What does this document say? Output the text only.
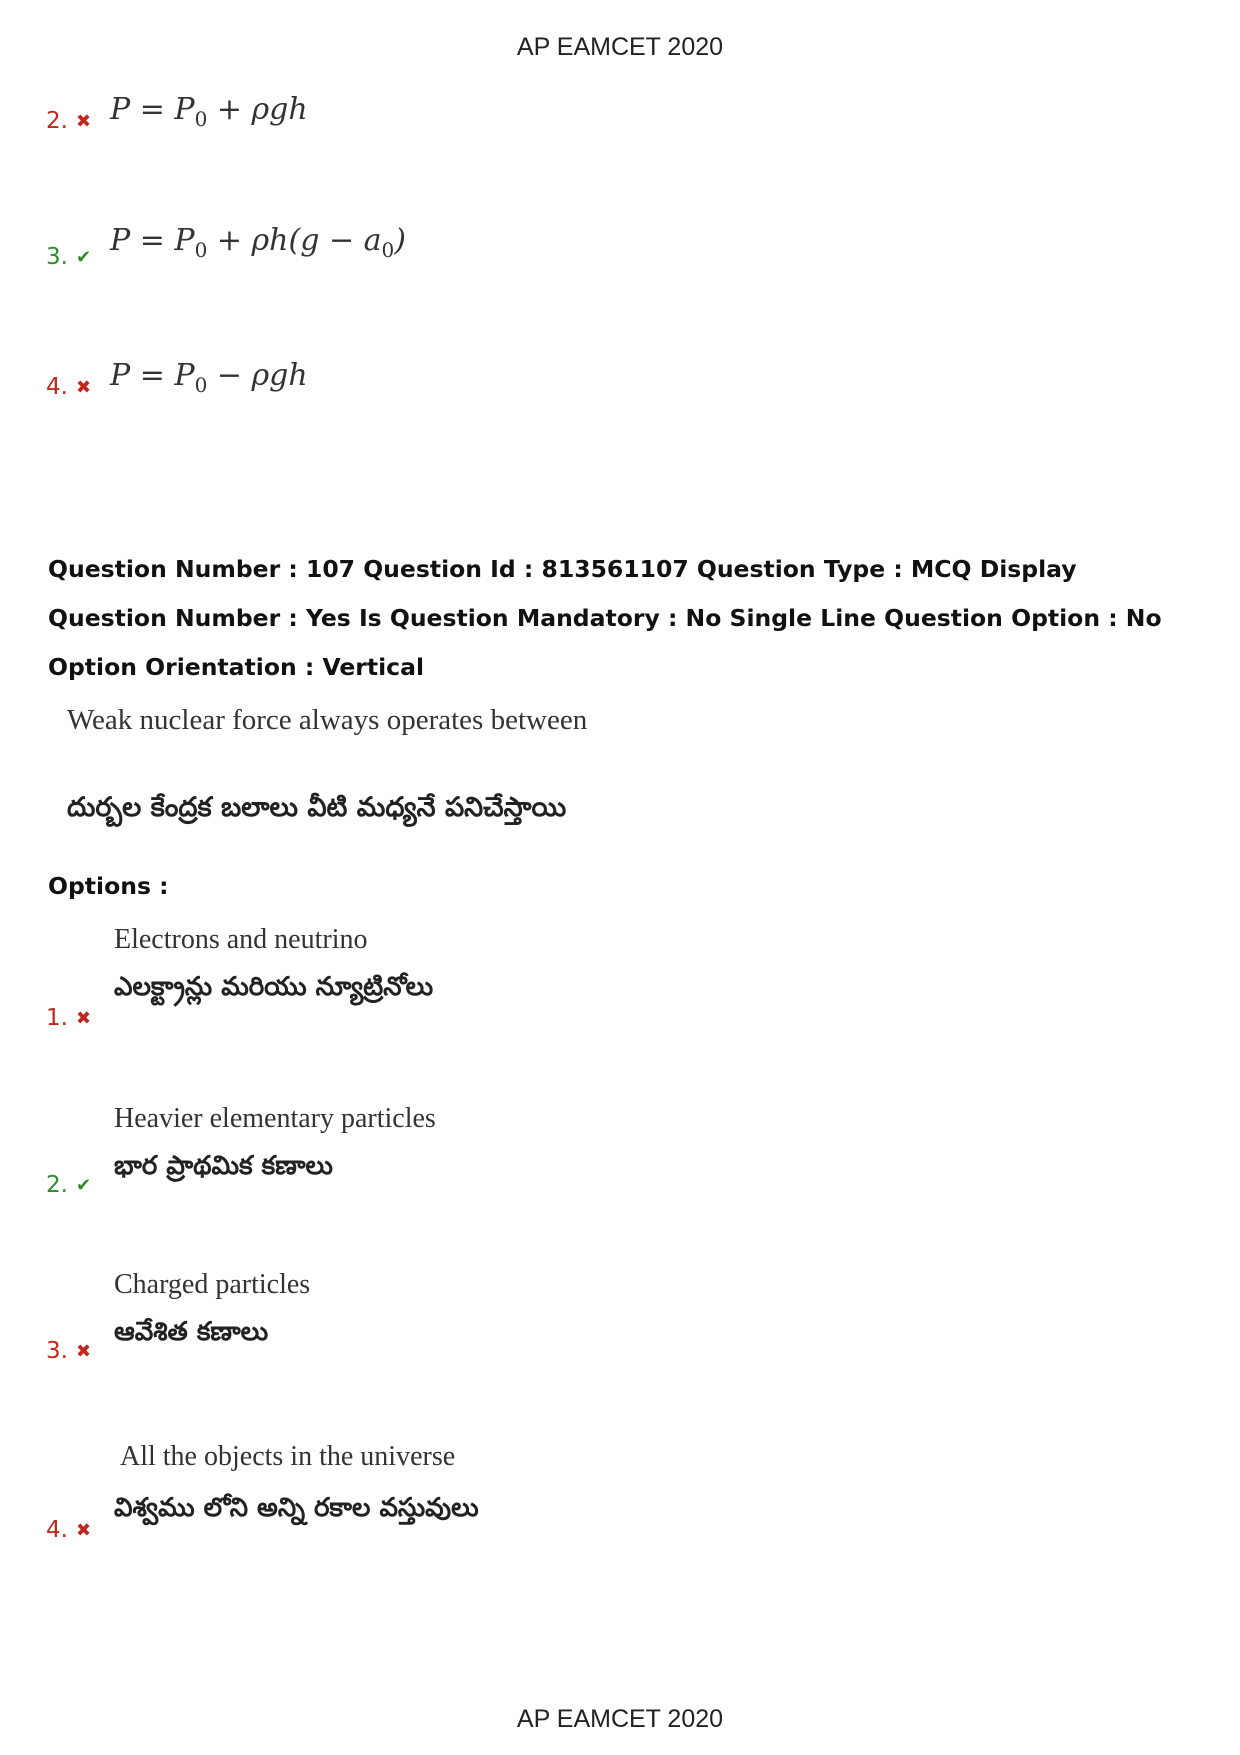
AP EAMCET 2020
2. ✖ $P = P_0 + \rho gh$
3. ✔ $P = P_0 + \rho h(g - a_0)$
4. ✖ $P = P_0 - \rho gh$
Question Number : 107 Question Id : 813561107 Question Type : MCQ Display Question Number : Yes Is Question Mandatory : No Single Line Question Option : No Option Orientation : Vertical
Weak nuclear force always operates between
దుర్బల కేంద్రక బలాలు వీటి మధ్యనే పనిచేస్తాయి
Options :
Electrons and neutrino
ఎలక్ట్రాన్లు మరియు న్యూట్రినోలు
1. ✖
Heavier elementary particles
భార ప్రాథమిక కణాలు
2. ✔
Charged particles
ఆవేశిత కణాలు
3. ✖
All the objects in the universe
విశ్వము లోని అన్ని రకాల వస్తువులు
4. ✖
AP EAMCET 2020
